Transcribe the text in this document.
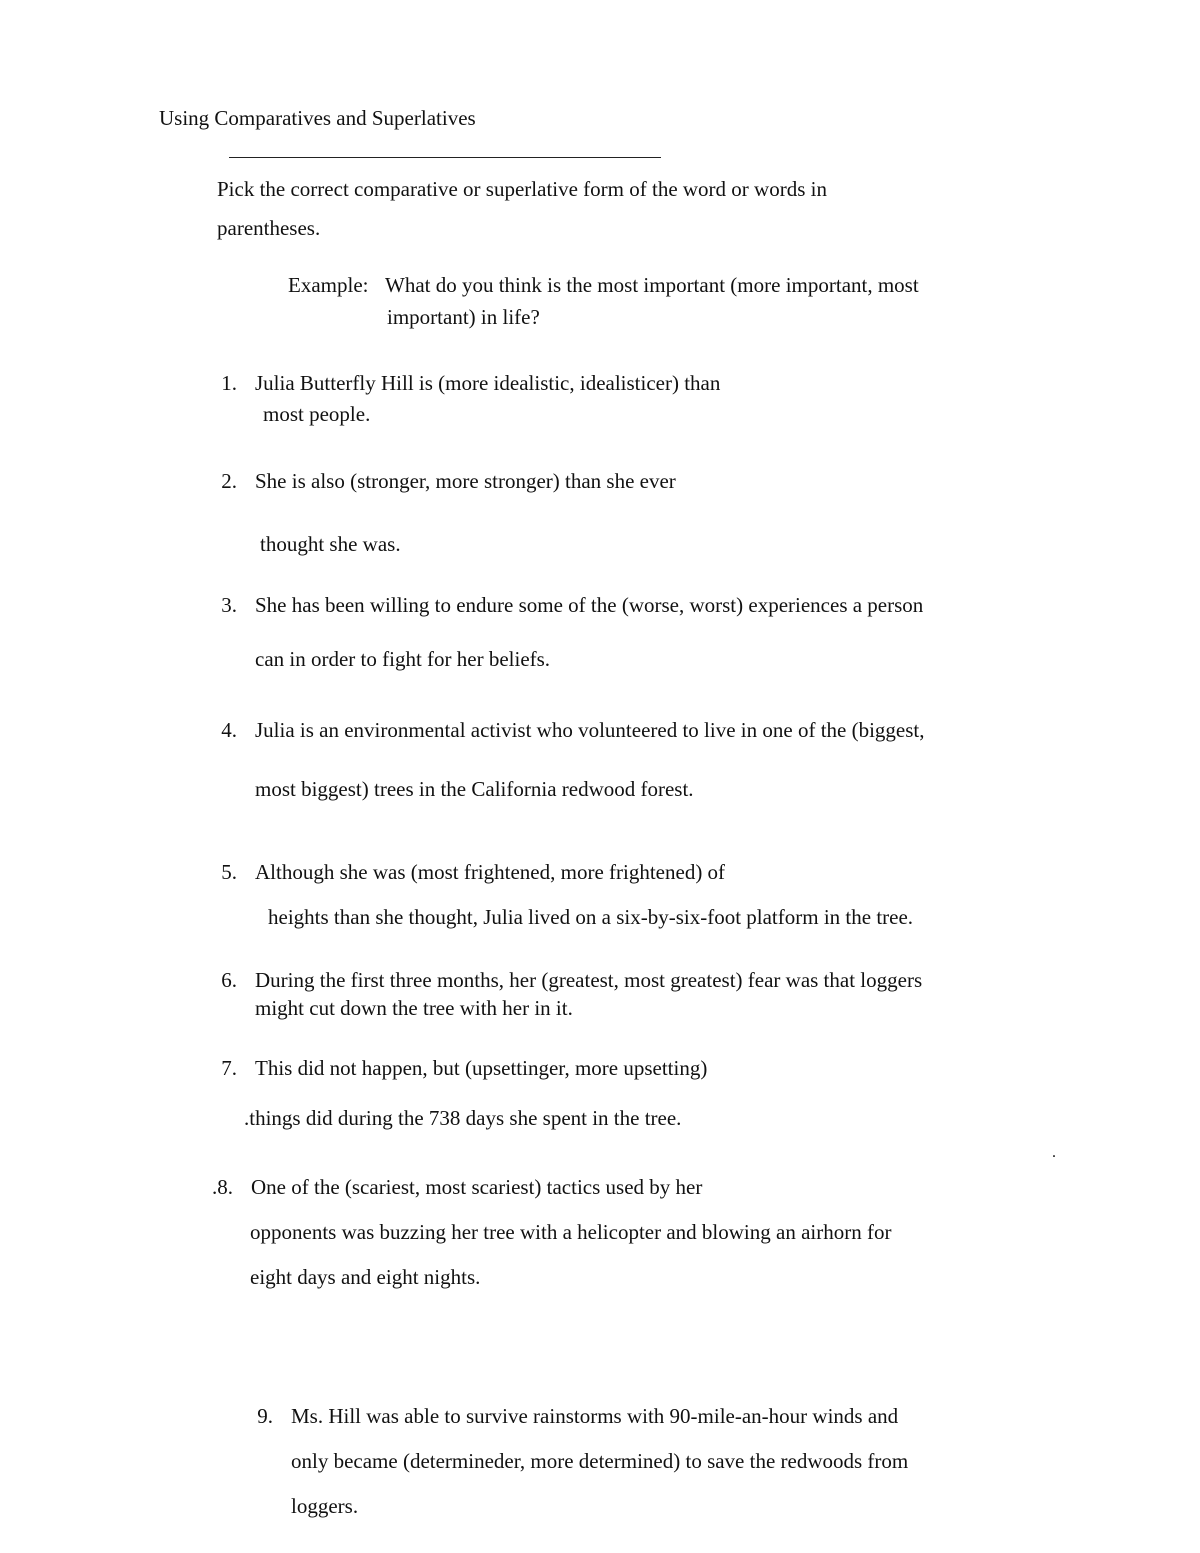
Using Comparatives and Superlatives
Pick the correct comparative or superlative form of the word or words in
parentheses.
Example: What do you think is the most important (more important, most
important) in life?
1. Julia Butterfly Hill is (more idealistic, idealisticer) than
most people.
2. She is also (stronger, more stronger) than she ever
thought she was.
3. She has been willing to endure some of the (worse, worst) experiences a person
can in order to fight for her beliefs.
4. Julia is an environmental activist who volunteered to live in one of the (biggest,
most biggest) trees in the California redwood forest.
5. Although she was (most frightened, more frightened) of
heights than she thought, Julia lived on a six-by-six-foot platform in the tree.
6. During the first three months, her (greatest, most greatest) fear was that loggers
might cut down the tree with her in it.
7. This did not happen, but (upsettinger, more upsetting)
.things did during the 738 days she spent in the tree.
.
.8. One of the (scariest, most scariest) tactics used by her
opponents was buzzing her tree with a helicopter and blowing an airhorn for
eight days and eight nights.
9. Ms. Hill was able to survive rainstorms with 90-mile-an-hour winds and
only became (determineder, more determined) to save the redwoods from
loggers.
